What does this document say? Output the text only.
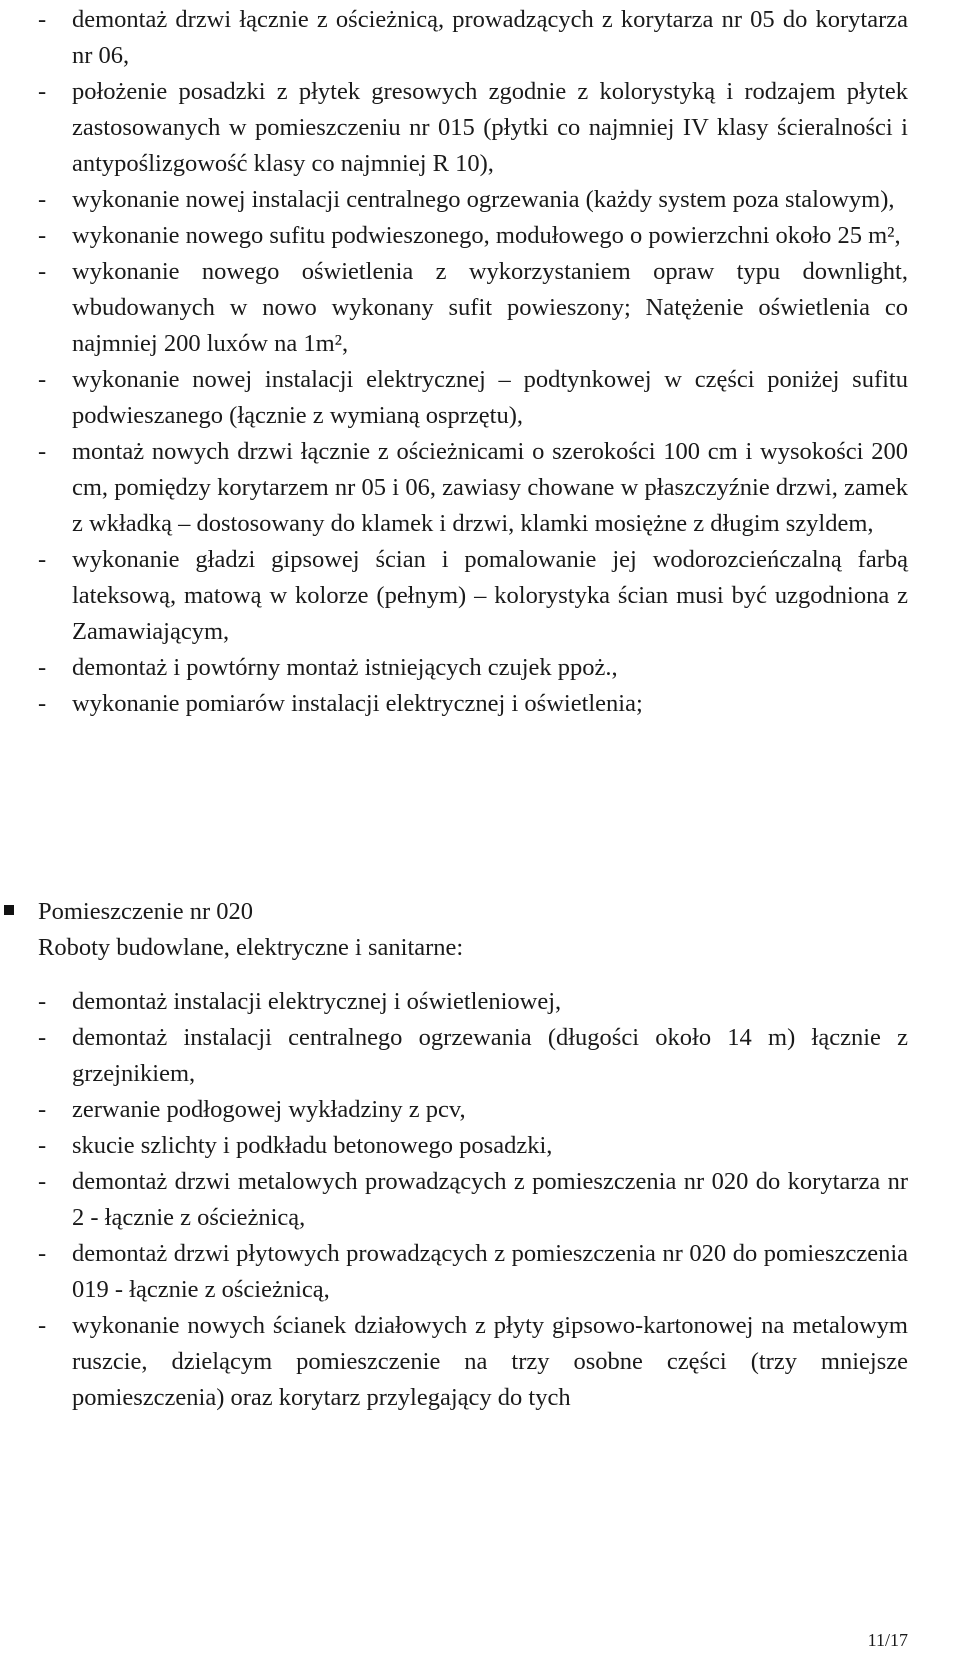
- demontaż drzwi łącznie z ościeżnicą, prowadzących z korytarza nr 05 do korytarza nr 06,
- położenie posadzki z płytek gresowych zgodnie z kolorystyką i rodzajem płytek zastosowanych w pomieszczeniu nr 015 (płytki co najmniej IV klasy ścieralności i antypoślizgowość klasy co najmniej R 10),
- wykonanie nowej instalacji centralnego ogrzewania (każdy system poza stalowym),
- wykonanie nowego sufitu podwieszonego, modułowego o powierzchni około 25 m²,
- wykonanie nowego oświetlenia z wykorzystaniem opraw typu downlight, wbudowanych w nowo wykonany sufit powieszony; Natężenie oświetlenia co najmniej 200 luxów na 1m²,
- wykonanie nowej instalacji elektrycznej – podtynkowej w części poniżej sufitu podwieszanego (łącznie z wymianą osprzętu),
- montaż nowych drzwi łącznie z ościeżnicami o szerokości 100 cm i wysokości 200 cm, pomiędzy korytarzem nr 05 i 06, zawiasy chowane w płaszczyźnie drzwi, zamek z wkładką – dostosowany do klamek i drzwi, klamki mosiężne z długim szyldem,
- wykonanie gładzi gipsowej ścian i pomalowanie jej wodorozcieńczalną farbą lateksową, matową w kolorze (pełnym) – kolorystyka ścian musi być uzgodniona z Zamawiającym,
- demontaż i powtórny montaż istniejących czujek ppoż.,
- wykonanie pomiarów instalacji elektrycznej i oświetlenia;
Pomieszczenie nr 020
Roboty budowlane, elektryczne i sanitarne:
- demontaż instalacji elektrycznej i oświetleniowej,
- demontaż instalacji centralnego ogrzewania (długości około 14 m) łącznie z grzejnikiem,
- zerwanie podłogowej wykładziny z pcv,
- skucie szlichty i podkładu betonowego posadzki,
- demontaż drzwi metalowych prowadzących z pomieszczenia nr 020 do korytarza nr 2 - łącznie z ościeżnicą,
- demontaż drzwi płytowych prowadzących z pomieszczenia nr 020 do pomieszczenia 019 - łącznie z ościeżnicą,
- wykonanie nowych ścianek działowych z płyty gipsowo-kartonowej na metalowym ruszcie, dzielącym pomieszczenie na trzy osobne części (trzy mniejsze pomieszczenia) oraz korytarz przylegający do tych
11/17
